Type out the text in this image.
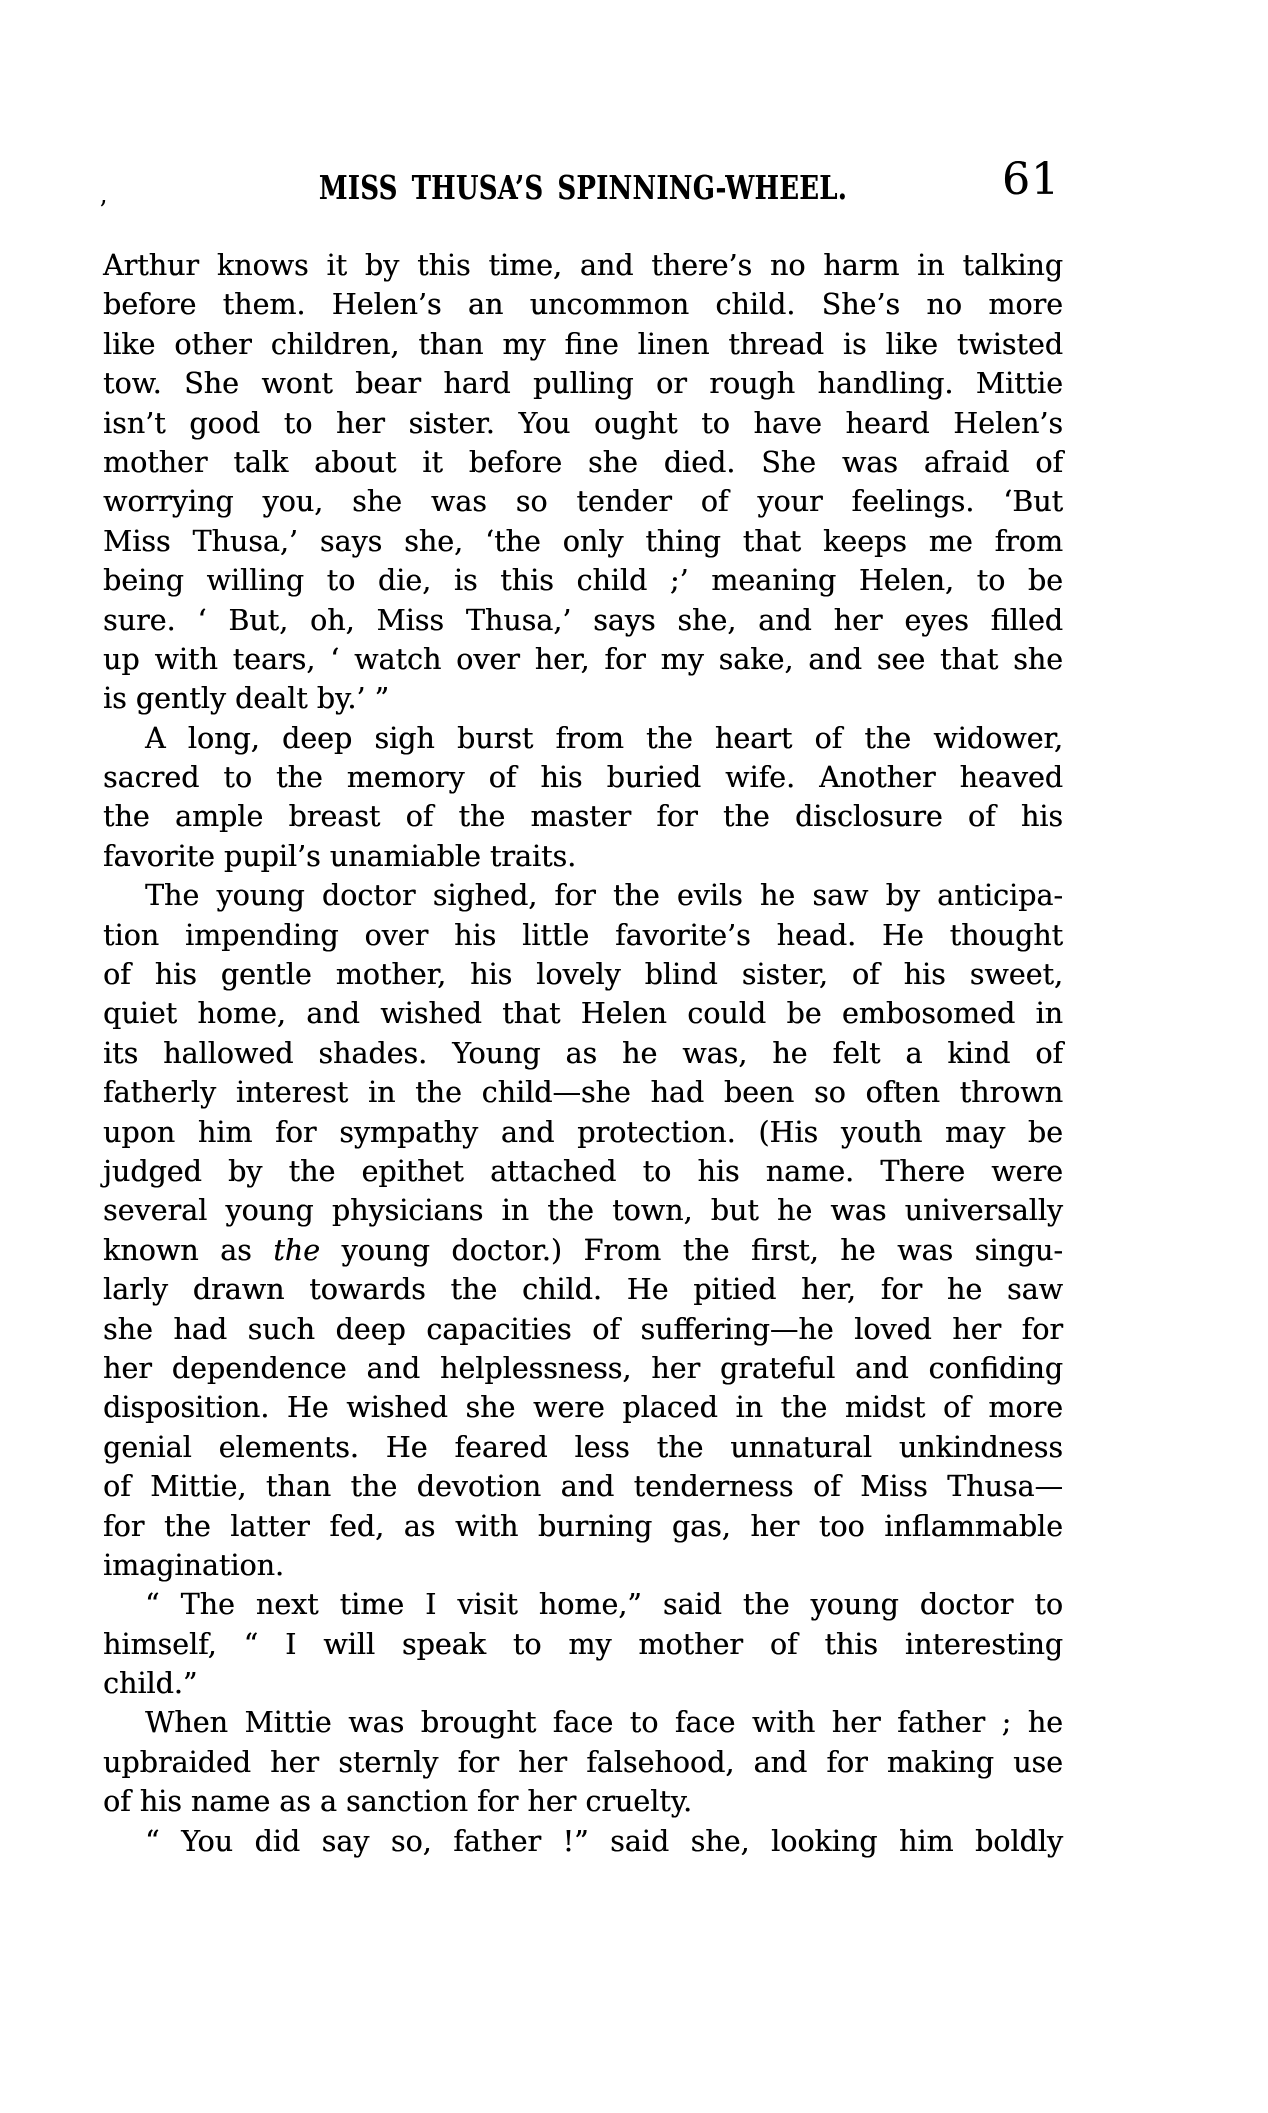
MISS THUSA’S SPINNING-WHEEL.	61
’
Arthur knows it by this time, and there’s no harm in talking
before them. Helen’s an uncommon child. She’s no more
like other children, than my fine linen thread is like twisted
tow. She wont bear hard pulling or rough handling. Mittie
isn’t good to her sister. You ought to have heard Helen’s
mother talk about it before she died. She was afraid of
worrying you, she was so tender of your feelings. ‘But
Miss Thusa,’ says she, ‘the only thing that keeps me from
being willing to die, is this child ;’ meaning Helen, to be
sure. ‘ But, oh, Miss Thusa,’ says she, and her eyes filled
up with tears, ‘ watch over her, for my sake, and see that she
is gently dealt by.’ ”
A long, deep sigh burst from the heart of the widower,
sacred to the memory of his buried wife. Another heaved
the ample breast of the master for the disclosure of his
favorite pupil’s unamiable traits.
The young doctor sighed, for the evils he saw by anticipa-
tion impending over his little favorite’s head. He thought
of his gentle mother, his lovely blind sister, of his sweet,
quiet home, and wished that Helen could be embosomed in
its hallowed shades. Young as he was, he felt a kind of
fatherly interest in the child—she had been so often thrown
upon him for sympathy and protection. (His youth may be
judged by the epithet attached to his name. There were
several young physicians in the town, but he was universally
known as the young doctor.) From the first, he was singu-
larly drawn towards the child. He pitied her, for he saw
she had such deep capacities of suffering—he loved her for
her dependence and helplessness, her grateful and confiding
disposition. He wished she were placed in the midst of more
genial elements. He feared less the unnatural unkindness
of Mittie, than the devotion and tenderness of Miss Thusa—
for the latter fed, as with burning gas, her too inflammable
imagination.
“ The next time I visit home,” said the young doctor to
himself, “ I will speak to my mother of this interesting
child.”
When Mittie was brought face to face with her father ; he
upbraided her sternly for her falsehood, and for making use
of his name as a sanction for her cruelty.
“ You did say so, father !” said she, looking him boldly
